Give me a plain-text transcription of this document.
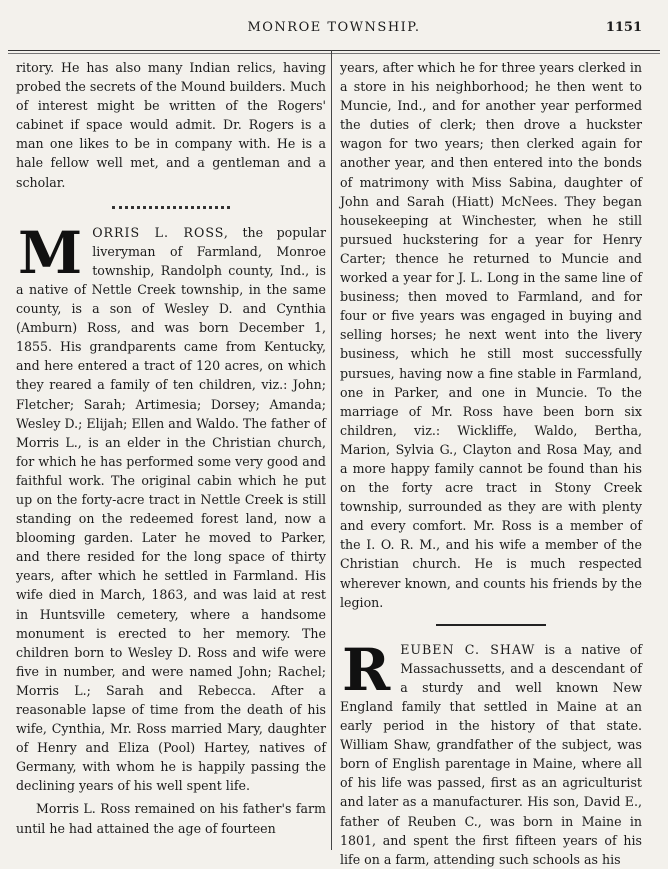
MONROE TOWNSHIP.	1151

ritory. He has also many Indian relics, having probed the secrets of the Mound builders. Much of interest might be written of the Rogers' cabinet if space would admit. Dr. Rogers is a man one likes to be in company with. He is a hale fellow well met, and a gentleman and a scholar.

MORRIS L. ROSS, the popular liveryman of Farmland, Monroe township, Randolph county, Ind., is a native of Nettle Creek township, in the same county, is a son of Wesley D. and Cynthia (Amburn) Ross, and was born December 1, 1855. His grandparents came from Kentucky, and here entered a tract of 120 acres, on which they reared a family of ten children, viz.: John; Fletcher; Sarah; Artimesia; Dorsey; Amanda; Wesley D.; Elijah; Ellen and Waldo. The father of Morris L., is an elder in the Christian church, for which he has performed some very good and faithful work. The original cabin which he put up on the forty-acre tract in Nettle Creek is still standing on the redeemed forest land, now a blooming garden. Later he moved to Parker, and there resided for the long space of thirty years, after which he settled in Farmland. His wife died in March, 1863, and was laid at rest in Huntsville cemetery, where a handsome monument is erected to her memory. The children born to Wesley D. Ross and wife were five in number, and were named John; Rachel; Morris L.; Sarah and Rebecca. After a reasonable lapse of time from the death of his wife, Cynthia, Mr. Ross married Mary, daughter of Henry and Eliza (Pool) Hartey, natives of Germany, with whom he is happily passing the declining years of his well spent life.

Morris L. Ross remained on his father's farm until he had attained the age of fourteen

years, after which he for three years clerked in a store in his neighborhood; he then went to Muncie, Ind., and for another year performed the duties of clerk; then drove a huckster wagon for two years; then clerked again for another year, and then entered into the bonds of matrimony with Miss Sabina, daughter of John and Sarah (Hiatt) McNees. They began housekeeping at Winchester, when he still pursued huckstering for a year for Henry Carter; thence he returned to Muncie and worked a year for J. L. Long in the same line of business; then moved to Farmland, and for four or five years was engaged in buying and selling horses; he next went into the livery business, which he still most successfully pursues, having now a fine stable in Farmland, one in Parker, and one in Muncie. To the marriage of Mr. Ross have been born six children, viz.: Wickliffe, Waldo, Bertha, Marion, Sylvia G., Clayton and Rosa May, and a more happy family cannot be found than his on the forty acre tract in Stony Creek township, surrounded as they are with plenty and every comfort. Mr. Ross is a member of the I. O. R. M., and his wife a member of the Christian church. He is much respected wherever known, and counts his friends by the legion.

REUBEN C. SHAW is a native of Massachussetts, and a descendant of a sturdy and well known New England family that settled in Maine at an early period in the history of that state. William Shaw, grandfather of the subject, was born of English parentage in Maine, where all of his life was passed, first as an agriculturist and later as a manufacturer. His son, David E., father of Reuben C., was born in Maine in 1801, and spent the first fifteen years of his life on a farm, attending such schools as his
